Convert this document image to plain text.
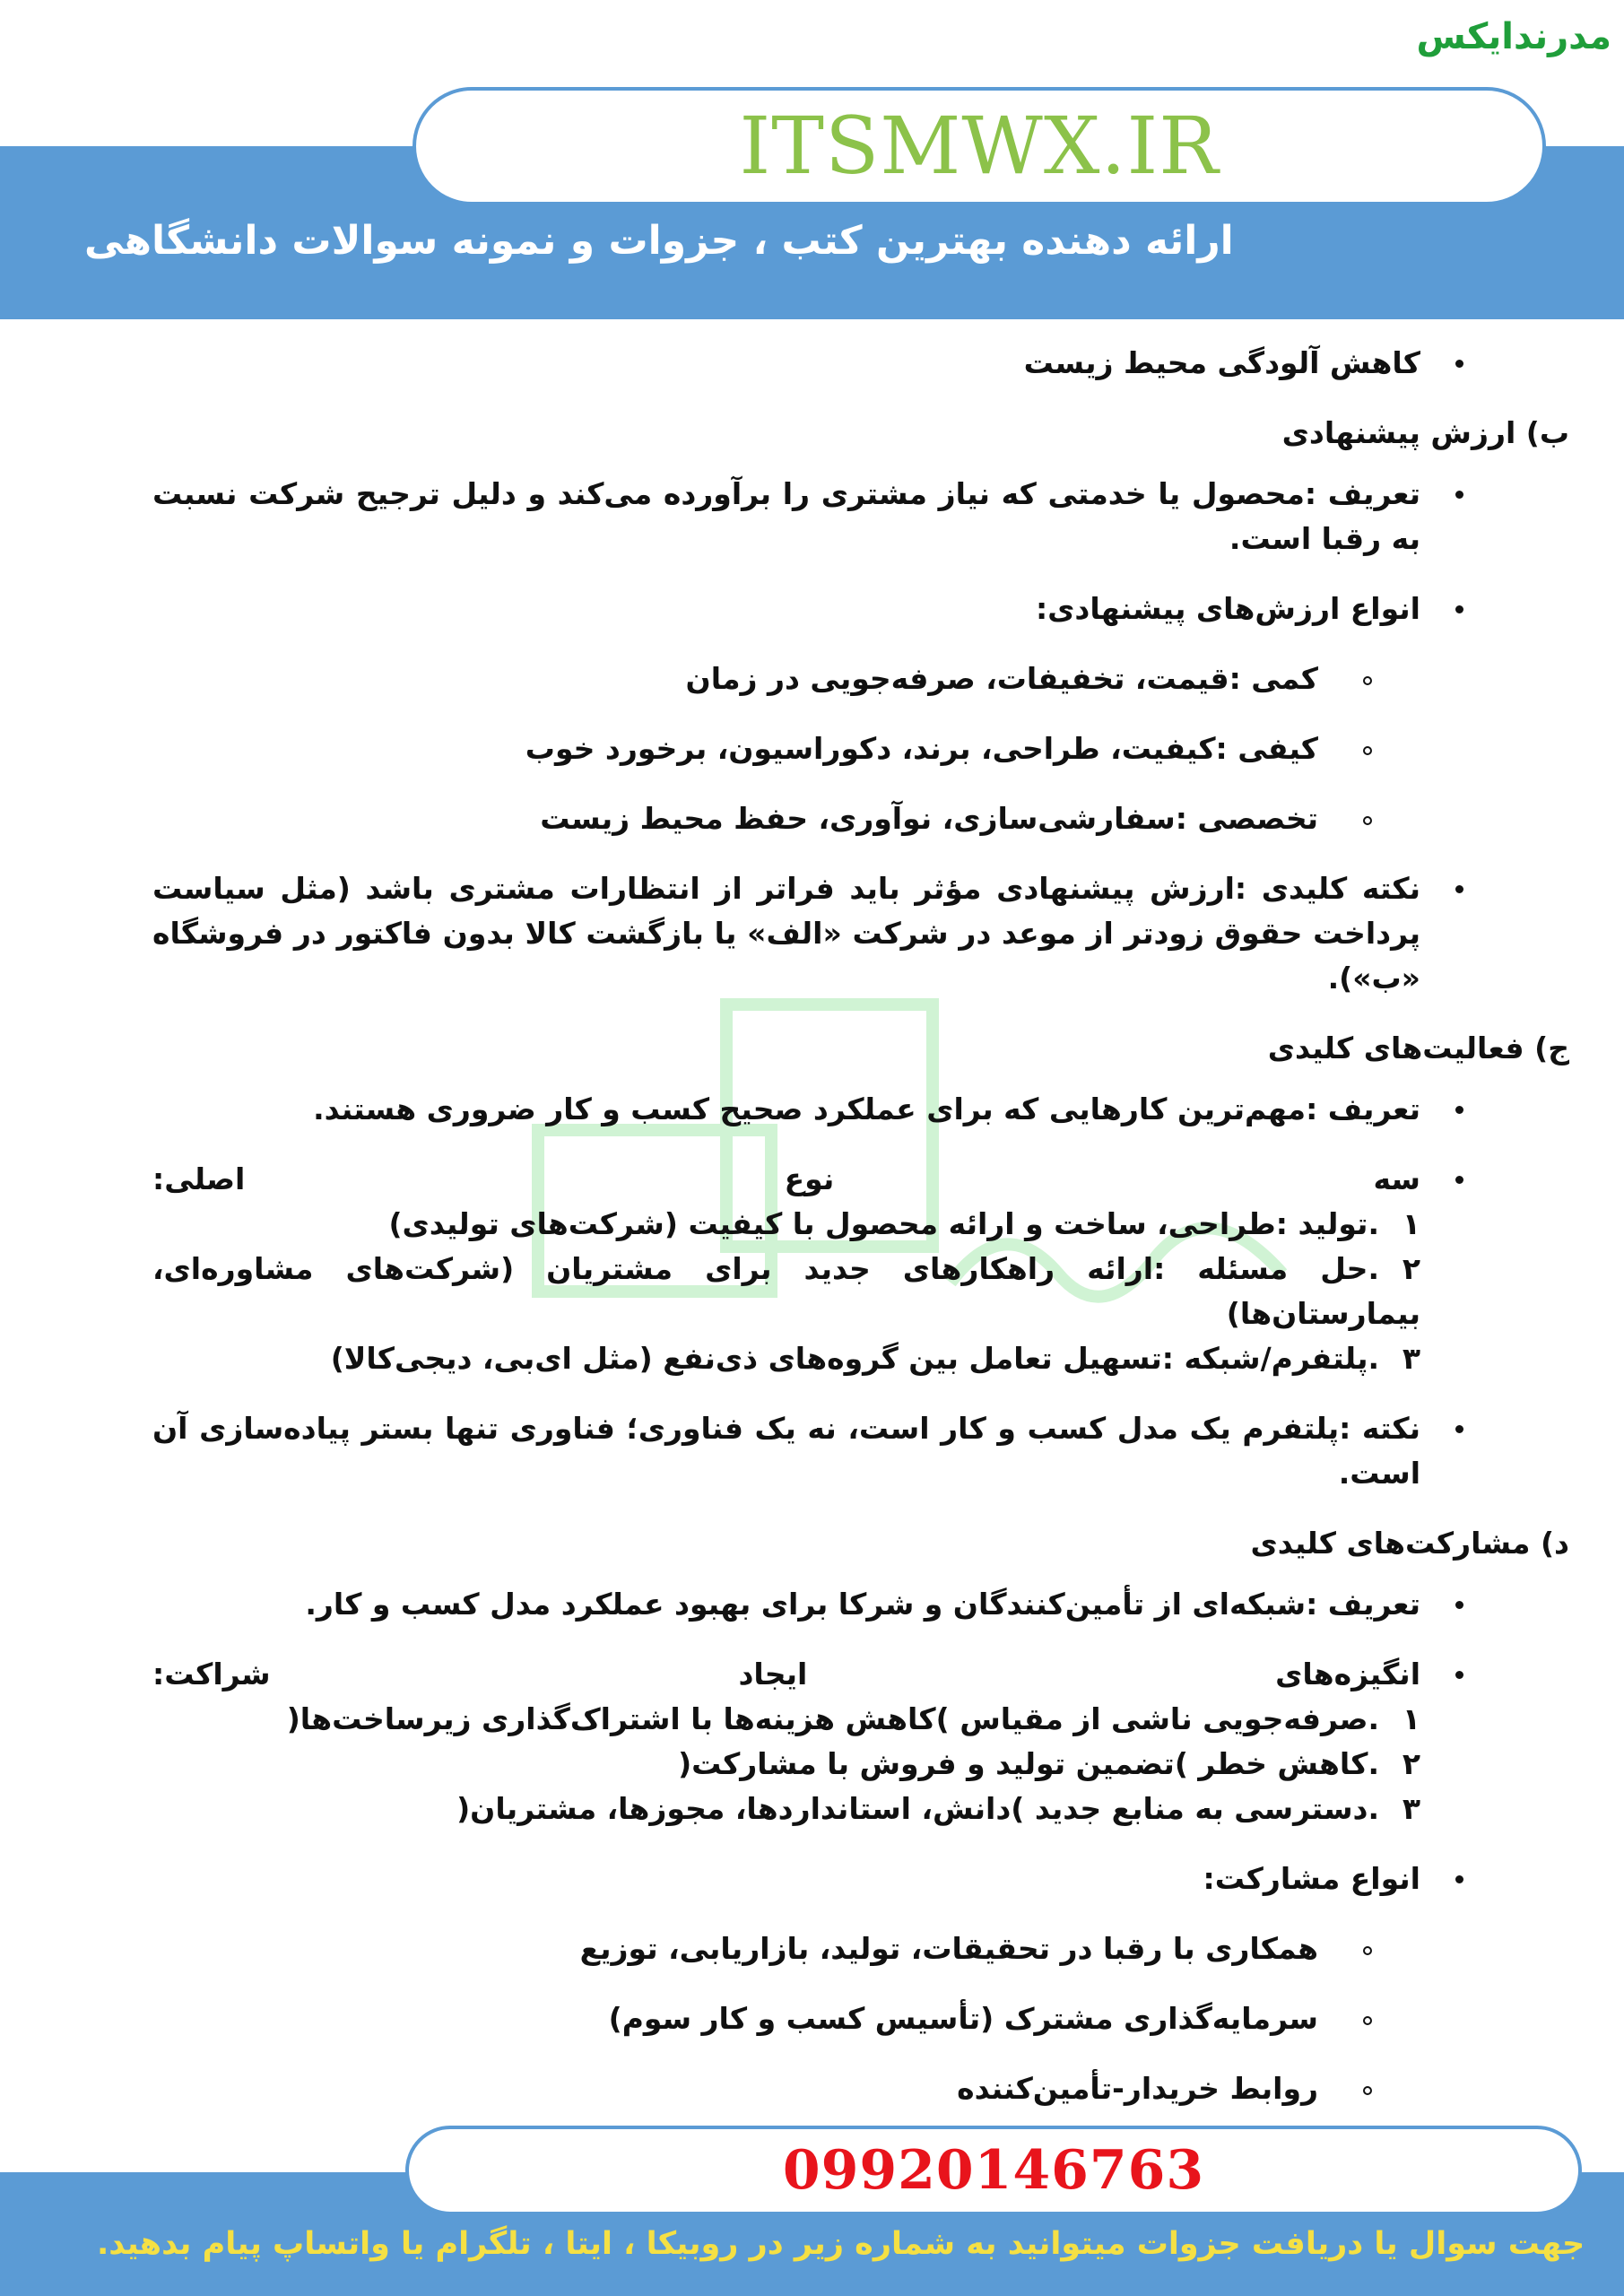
مدرندایکس
ITSMWX.IR
ارائه دهنده بهترین کتب ، جزوات و نمونه سوالات دانشگاهی
کاهش آلودگی محیط زیست
ب) ارزش پیشنهادی
تعریف :محصول یا خدمتی که نیاز مشتری را برآورده می‌کند و دلیل ترجیح شرکت نسبت به رقبا است.
انواع ارزش‌های پیشنهادی:
کمی :قیمت، تخفیفات، صرفه‌جویی در زمان
کیفی :کیفیت، طراحی، برند، دکوراسیون، برخورد خوب
تخصصی :سفارشی‌سازی، نوآوری، حفظ محیط زیست
نکته کلیدی :ارزش پیشنهادی مؤثر باید فراتر از انتظارات مشتری باشد (مثل سیاست پرداخت حقوق زودتر از موعد در شرکت «الف» یا بازگشت کالا بدون فاکتور در فروشگاه «ب»).
ج) فعالیت‌های کلیدی
تعریف :مهم‌ترین کارهایی که برای عملکرد صحیح کسب و کار ضروری هستند.
سه
نوع
اصلی:
۱.تولید :طراحی، ساخت و ارائه محصول با کیفیت (شرکت‌های تولیدی)
۲.حل مسئله :ارائه راهکارهای جدید برای مشتریان (شرکت‌های مشاوره‌ای، بیمارستان‌ها)
۳.پلتفرم/شبکه :تسهیل تعامل بین گروه‌های ذی‌نفع (مثل ای‌بی، دیجی‌کالا)
نکته :پلتفرم یک مدل کسب و کار است، نه یک فناوری؛ فناوری تنها بستر پیاده‌سازی آن است.
د) مشارکت‌های کلیدی
تعریف :شبکه‌ای از تأمین‌کنندگان و شرکا برای بهبود عملکرد مدل کسب و کار.
انگیزه‌های
ایجاد
شراکت:
۱.صرفه‌جویی ناشی از مقیاس )کاهش هزینه‌ها با اشتراک‌گذاری زیرساخت‌ها(
۲.کاهش خطر )تضمین تولید و فروش با مشارکت(
۳.دسترسی به منابع جدید )دانش، استانداردها، مجوزها، مشتریان(
انواع مشارکت:
همکاری با رقبا در تحقیقات، تولید، بازاریابی، توزیع
سرمایه‌گذاری مشترک (تأسیس کسب و کار سوم)
روابط خریدار-تأمین‌کننده
09920146763
جهت سوال یا دریافت جزوات میتوانید به شماره زیر در روبیکا ، ایتا ، تلگرام یا واتساپ پیام بدهید.
